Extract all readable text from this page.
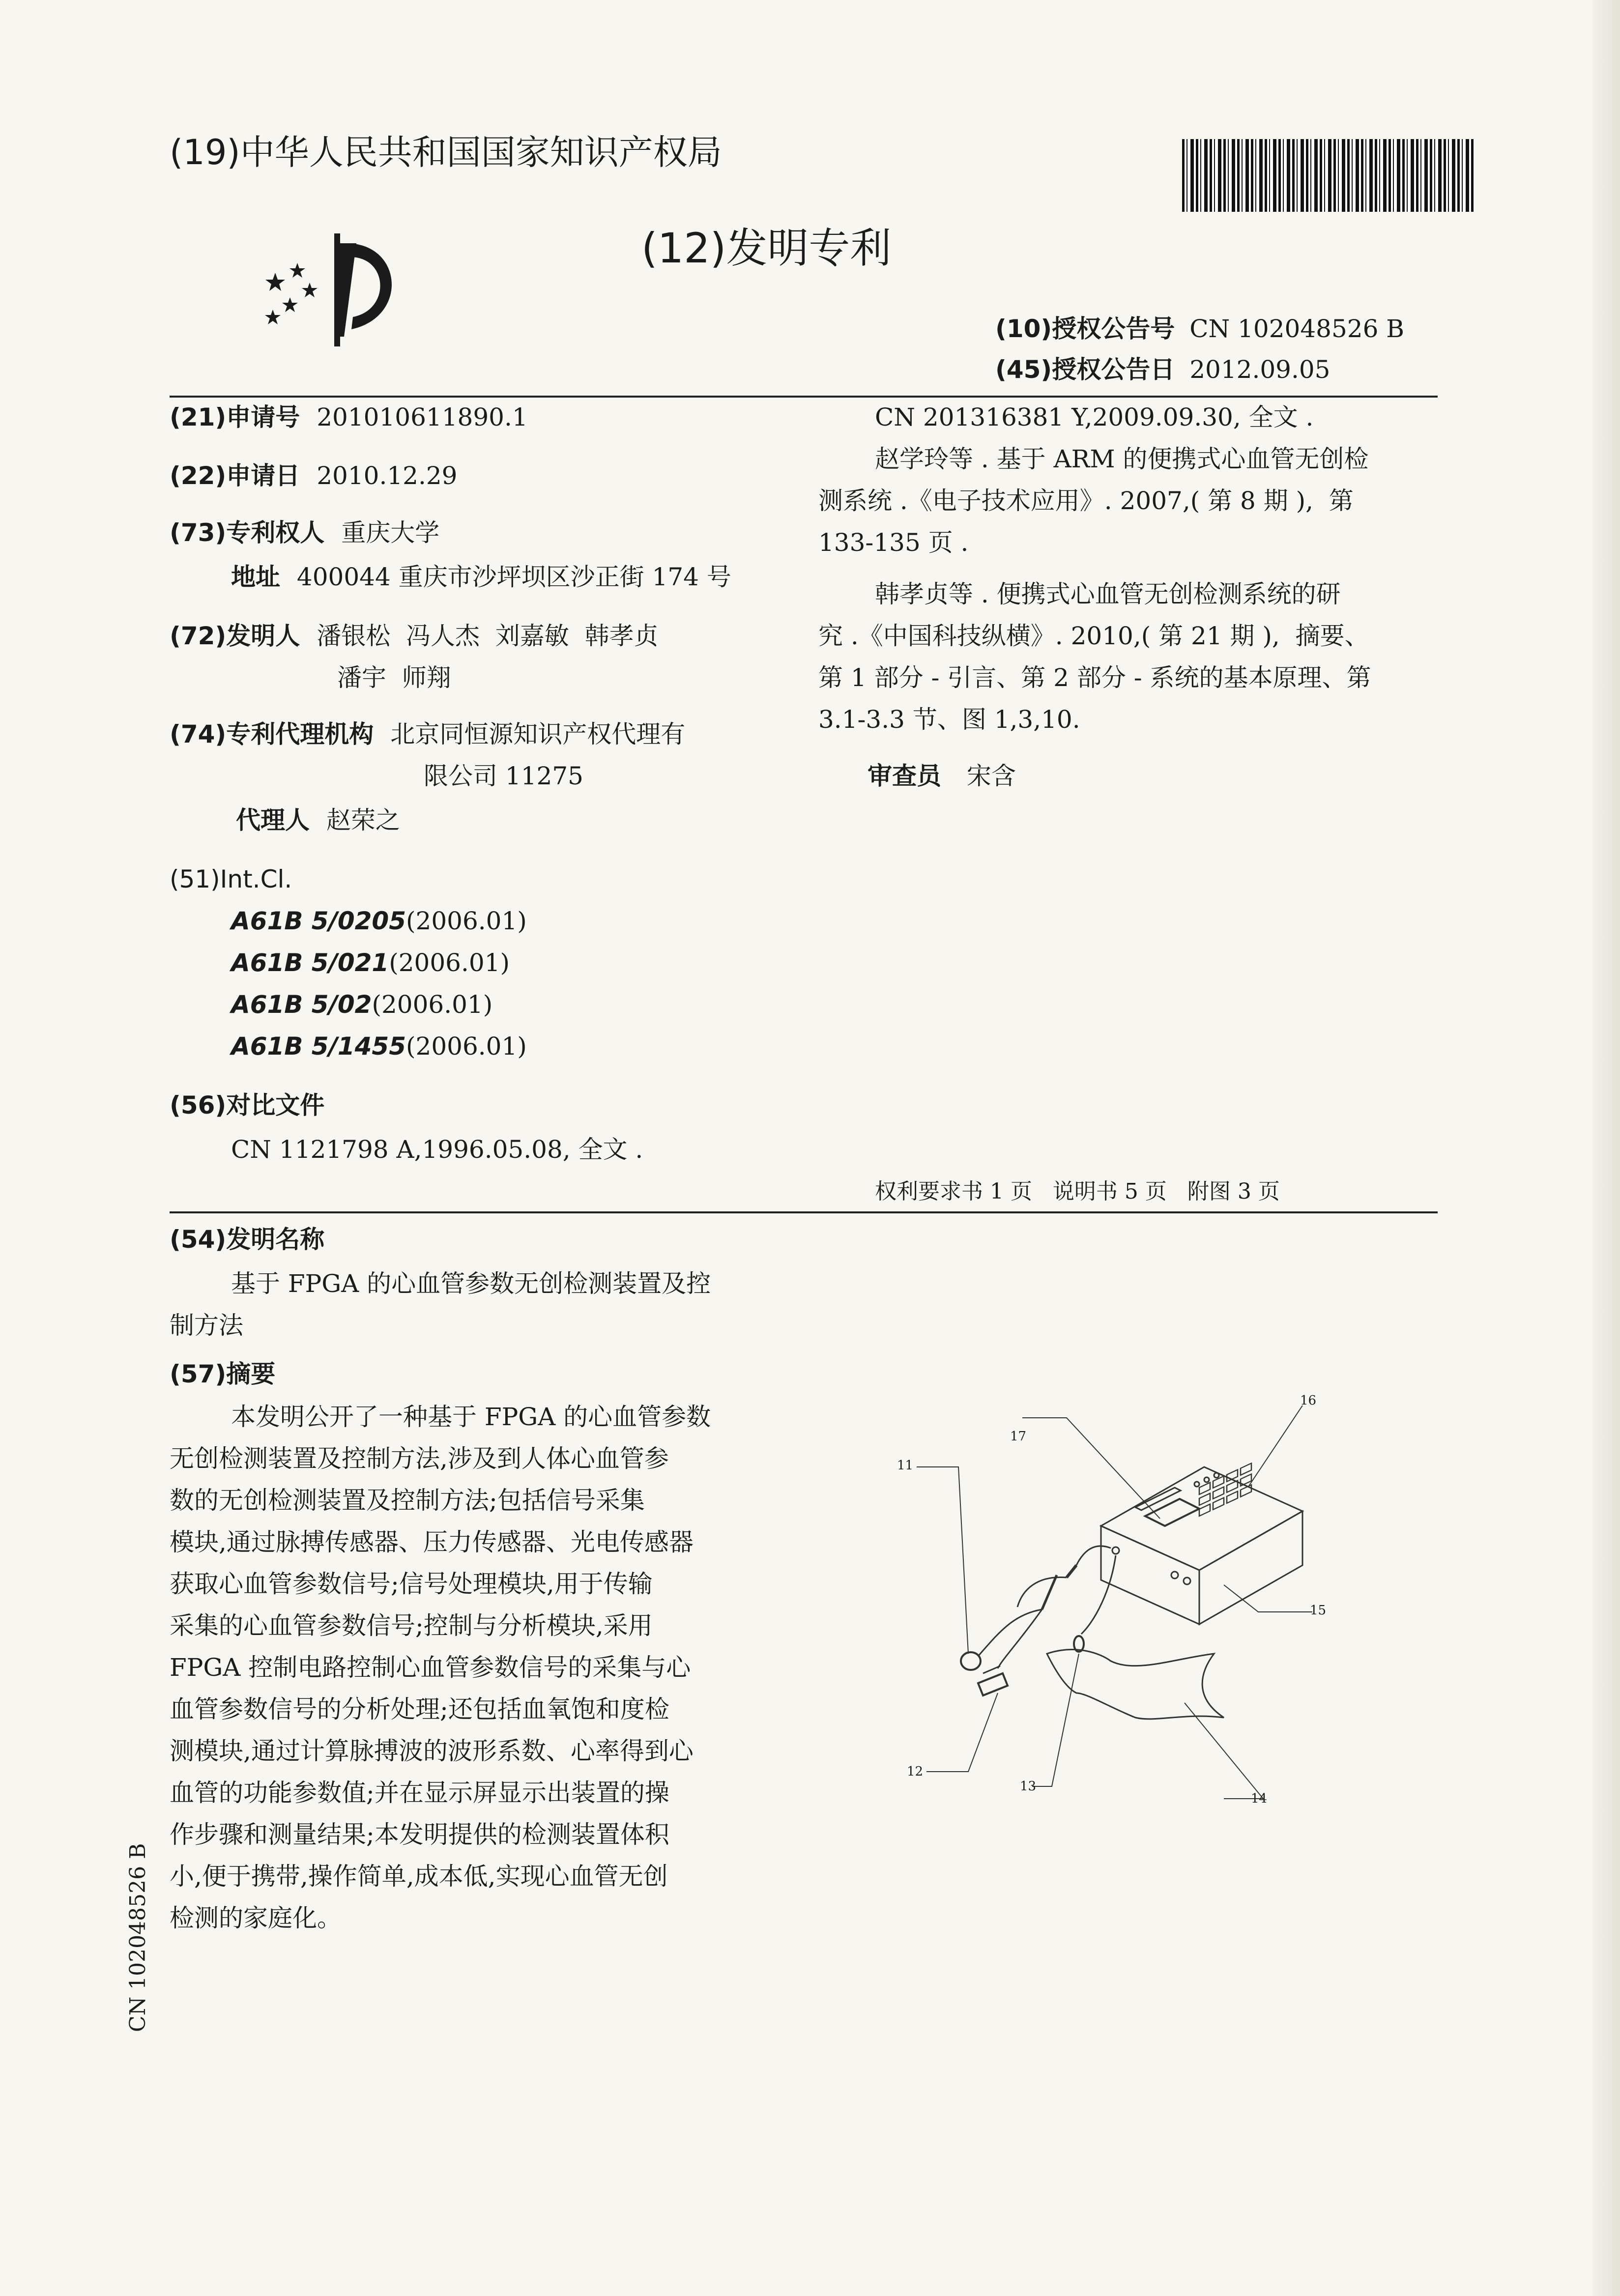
(19)中华人民共和国国家知识产权局
(12)发明专利
(10)授权公告号 CN 102048526 B
(45)授权公告日 2012.09.05
(21)申请号 201010611890.1
(22)申请日 2010.12.29
(73)专利权人 重庆大学
地址 400044 重庆市沙坪坝区沙正街 174 号
(72)发明人 潘银松  冯人杰  刘嘉敏  韩孝贞
潘宇  师翔
(74)专利代理机构 北京同恒源知识产权代理有
限公司 11275
代理人 赵荣之
(51)Int.Cl.
A61B 5/0205(2006.01)
A61B 5/021(2006.01)
A61B 5/02(2006.01)
A61B 5/1455(2006.01)
(56)对比文件
CN 1121798 A,1996.05.08, 全文 .
CN 201316381 Y,2009.09.30, 全文 .
赵学玲等 . 基于 ARM 的便携式心血管无创检
测系统 .《电子技术应用》. 2007,( 第 8 期 ),  第
133-135 页 .
韩孝贞等 . 便携式心血管无创检测系统的研
究 .《中国科技纵横》. 2010,( 第 21 期 ),  摘要、
第 1 部分 - 引言、第 2 部分 - 系统的基本原理、第
3.1-3.3 节、图 1,3,10.
审查员 宋含
权利要求书 1 页   说明书 5 页   附图 3 页
(54)发明名称
基于 FPGA 的心血管参数无创检测装置及控
制方法
(57)摘要
本发明公开了一种基于 FPGA 的心血管参数
无创检测装置及控制方法,涉及到人体心血管参
数的无创检测装置及控制方法;包括信号采集
模块,通过脉搏传感器、压力传感器、光电传感器
获取心血管参数信号;信号处理模块,用于传输
采集的心血管参数信号;控制与分析模块,采用
FPGA 控制电路控制心血管参数信号的采集与心
血管参数信号的分析处理;还包括血氧饱和度检
测模块,通过计算脉搏波的波形系数、心率得到心
血管的功能参数值;并在显示屏显示出装置的操
作步骤和测量结果;本发明提供的检测装置体积
小,便于携带,操作简单,成本低,实现心血管无创
检测的家庭化。
17
16
15
11
12
13
14
CN 102048526 B
